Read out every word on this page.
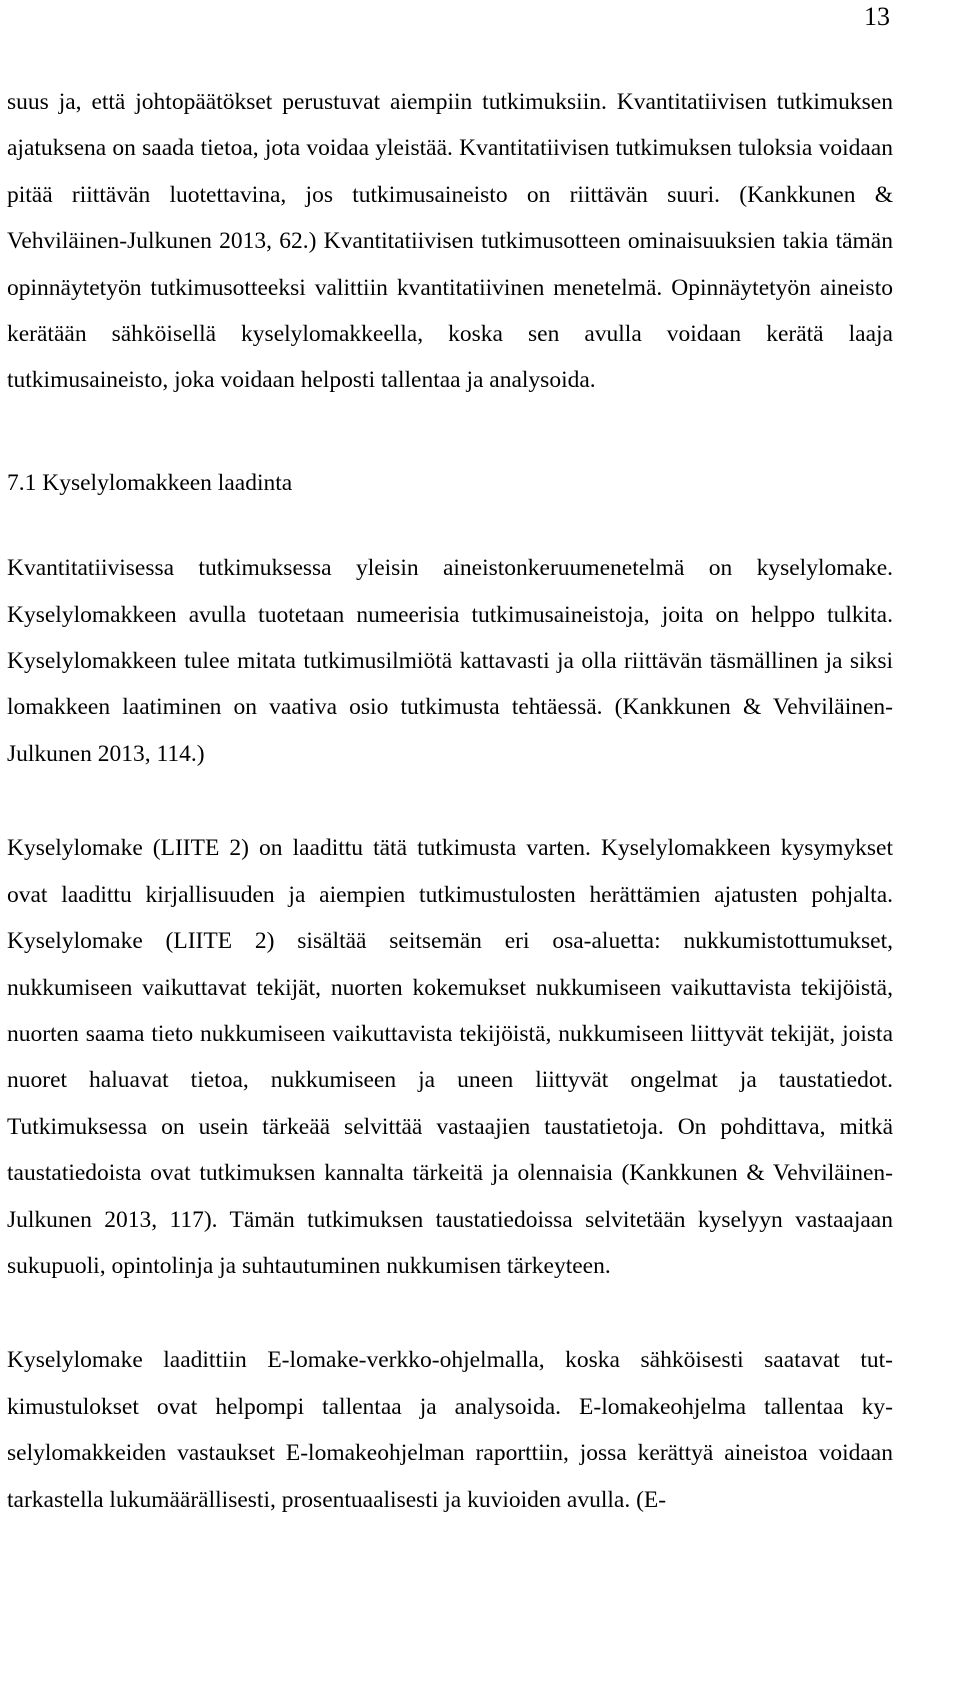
13

suus ja, että johtopäätökset perustuvat aiempiin tutkimuksiin. Kvantitatiivisen tutkimuksen ajatuksena on saada tietoa, jota voidaa yleistää. Kvantitatiivisen tutkimuksen tuloksia voidaan pitää riittävän luotettavina, jos tutkimusaineisto on riittävän suuri. (Kankkunen & Vehviläinen-Julkunen 2013, 62.) Kvantitatiivisen tutkimusotteen ominaisuuksien takia tämän opinnäytetyön tutkimusotteeksi valittiin kvantitatiivinen menetelmä. Opinnäytetyön aineisto kerätään sähköisellä kyselylomakkeella, koska sen avulla voidaan kerätä laaja tutkimusaineisto, joka voidaan helposti tallentaa ja analysoida.

7.1 Kyselylomakkeen laadinta

Kvantitatiivisessa tutkimuksessa yleisin aineistonkeruumenetelmä on kyselylomake. Kyselylomakkeen avulla tuotetaan numeerisia tutkimusaineistoja, joita on helppo tulkita. Kyselylomakkeen tulee mitata tutkimusilmiötä kattavasti ja olla riittävän täsmällinen ja siksi lomakkeen laatiminen on vaativa osio tutkimusta tehtäessä. (Kankkunen & Vehviläinen-Julkunen 2013, 114.)

Kyselylomake (LIITE 2) on laadittu tätä tutkimusta varten. Kyselylomakkeen kysymykset ovat laadittu kirjallisuuden ja aiempien tutkimustulosten herättämien ajatusten pohjalta. Kyselylomake (LIITE 2) sisältää seitsemän eri osa-aluetta: nukkumistottumukset, nukkumiseen vaikuttavat tekijät, nuorten kokemukset nukkumiseen vaikuttavista tekijöistä, nuorten saama tieto nukkumiseen vaikuttavista tekijöistä, nukkumiseen liittyvät tekijät, joista nuoret haluavat tietoa, nukkumiseen ja uneen liittyvät ongelmat ja taustatiedot. Tutkimuksessa on usein tärkeää selvittää vastaajien taustatietoja. On pohdittava, mitkä taustatiedoista ovat tutkimuksen kannalta tärkeitä ja olennaisia (Kankkunen & Vehviläinen-Julkunen 2013, 117). Tämän tutkimuksen taustatiedoissa selvitetään kyselyyn vastaajaan sukupuoli, opintolinja ja suhtautuminen nukkumisen tärkeyteen.

Kyselylomake laadittiin E-lomake-verkko-ohjelmalla, koska sähköisesti saatavat tutkimustulokset ovat helpompi tallentaa ja analysoida. E-lomakeohjelma tallentaa kyselylomakkeiden vastaukset E-lomakeohjelman raporttiin, jossa kerättyä aineistoa voidaan tarkastella lukumäärällisesti, prosentuaalisesti ja kuvioiden avulla. (E-
